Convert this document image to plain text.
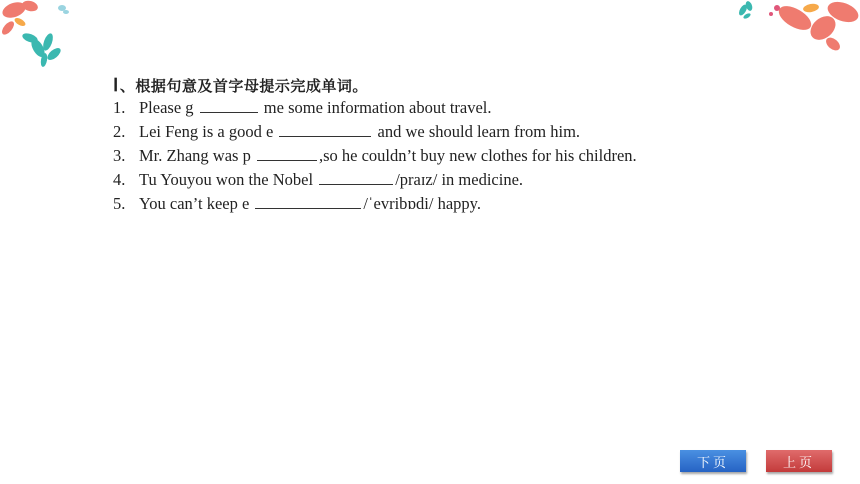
Ⅰ、根据句意及首字母提示完成单词。
1. Please g	me some information about travel.
2. Lei Feng is a good e	and we should learn from him.
3. Mr. Zhang was p	,so he couldn’t buy new clothes for his children.
4. Tu Youyou won the Nobel	/praɪz/ in medicine.
5. You can’t keep e	/ˈevribɒdi/ happy.
下页	上页
